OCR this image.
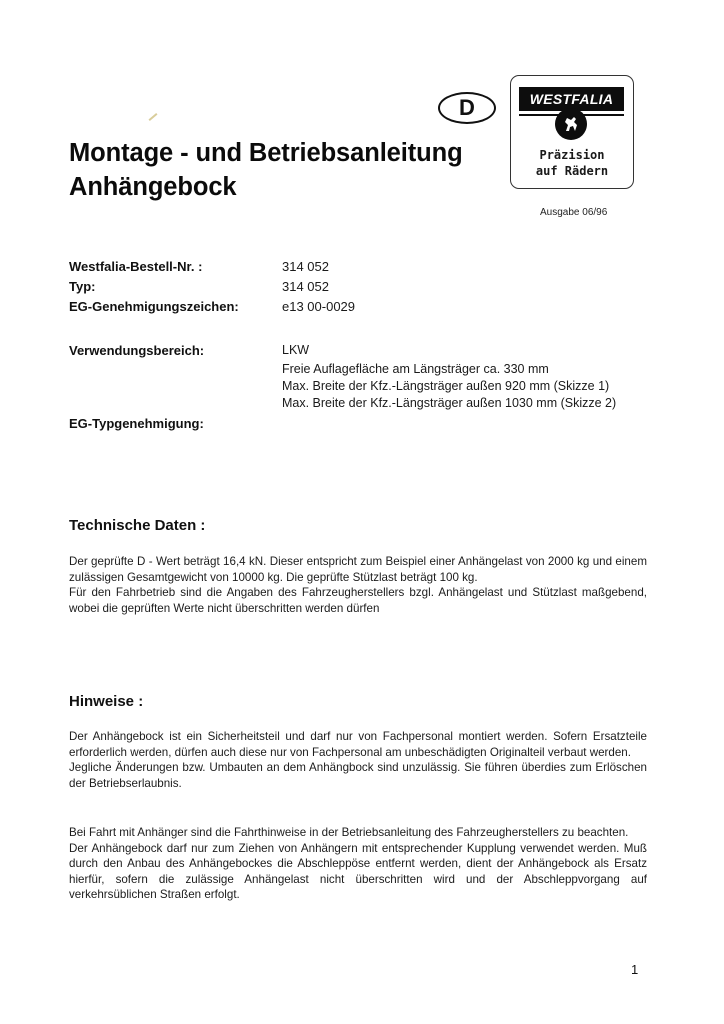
Montage - und Betriebsanleitung
Anhängebock
D	WESTFALIA
Präzision
auf Rädern
Ausgabe 06/96
Westfalia-Bestell-Nr. :	314 052
Typ:	314 052
EG-Genehmigungszeichen:	e13 00-0029
Verwendungsbereich:	LKW
Freie Auflagefläche am Längsträger ca. 330 mm
Max. Breite der Kfz.-Längsträger außen 920 mm (Skizze 1)
Max. Breite der Kfz.-Längsträger außen 1030 mm (Skizze 2)
EG-Typgenehmigung:
Technische Daten :

Der geprüfte D - Wert beträgt 16,4 kN. Dieser entspricht zum Beispiel einer Anhängelast von 2000 kg und einem zulässigen Gesamtgewicht von 10000 kg. Die geprüfte Stützlast beträgt 100 kg.

Für den Fahrbetrieb sind die Angaben des Fahrzeugherstellers bzgl. Anhängelast und Stützlast maßgebend, wobei die geprüften Werte nicht überschritten werden dürfen

Hinweise :

Der Anhängebock ist ein Sicherheitsteil und darf nur von Fachpersonal montiert werden. Sofern Ersatzteile erforderlich werden, dürfen auch diese nur von Fachpersonal am unbeschädigten Originalteil verbaut werden.

Jegliche Änderungen bzw. Umbauten an dem Anhängbock sind unzulässig. Sie führen überdies zum Erlöschen der Betriebserlaubnis.

Bei Fahrt mit Anhänger sind die Fahrthinweise in der Betriebsanleitung des Fahrzeugherstellers zu beachten.

Der Anhängebock darf nur zum Ziehen von Anhängern mit entsprechender Kupplung verwendet werden. Muß durch den Anbau des Anhängebockes die Abschleppöse entfernt werden, dient der Anhängebock als Ersatz hierfür, sofern die zulässige Anhängelast nicht überschritten wird und der Abschleppvorgang auf verkehrsüblichen Straßen erfolgt.

1
